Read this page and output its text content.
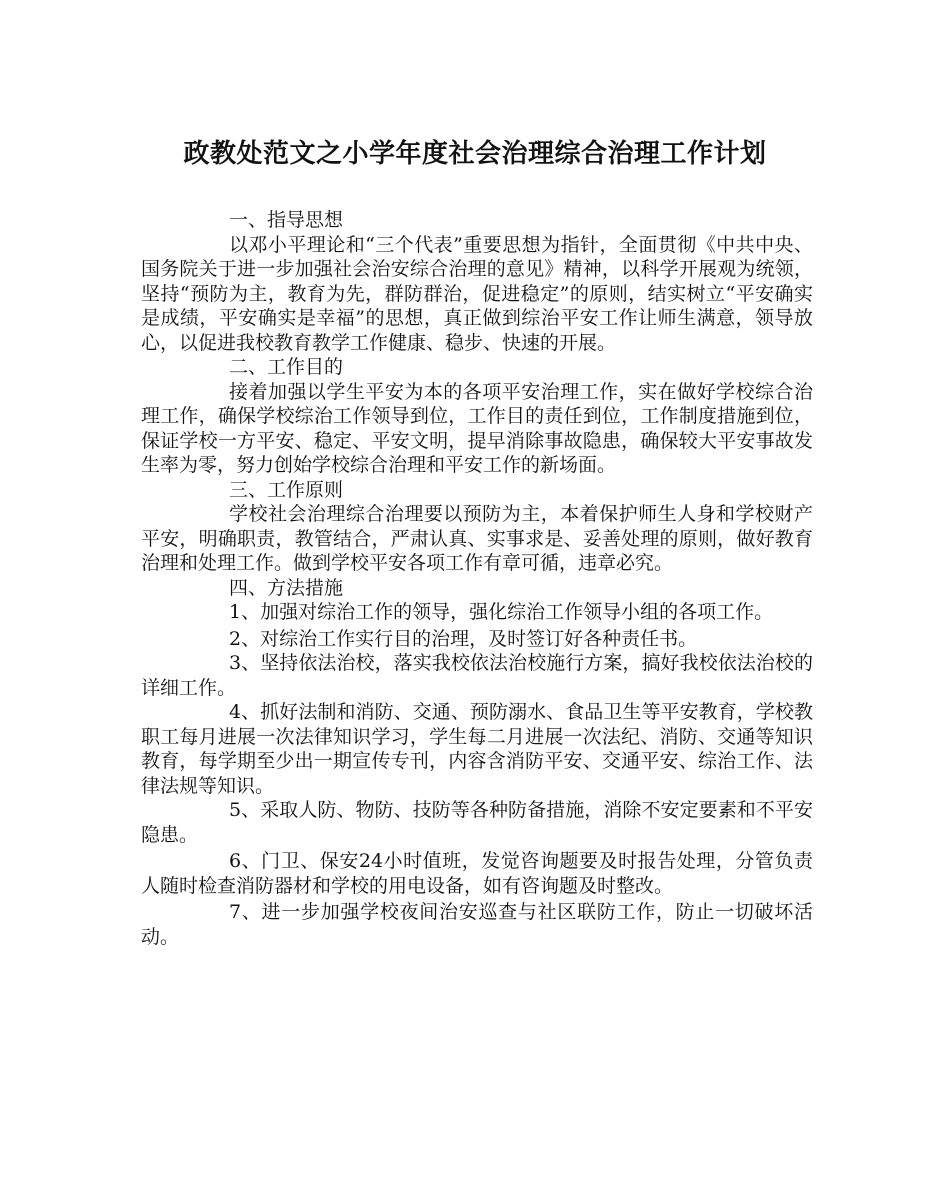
政教处范文之小学年度社会治理综合治理工作计划

一、指导思想

以邓小平理论和“三个代表”重要思想为指针，全面贯彻《中共中央、国务院关于进一步加强社会治安综合治理的意见》精神，以科学开展观为统领，坚持“预防为主，教育为先，群防群治，促进稳定”的原则，结实树立“平安确实是成绩，平安确实是幸福”的思想，真正做到综治平安工作让师生满意，领导放心，以促进我校教育教学工作健康、稳步、快速的开展。

二、工作目的

接着加强以学生平安为本的各项平安治理工作，实在做好学校综合治理工作，确保学校综治工作领导到位，工作目的责任到位，工作制度措施到位，保证学校一方平安、稳定、平安文明，提早消除事故隐患，确保较大平安事故发生率为零，努力创始学校综合治理和平安工作的新场面。

三、工作原则

学校社会治理综合治理要以预防为主，本着保护师生人身和学校财产平安，明确职责，教管结合，严肃认真、实事求是、妥善处理的原则，做好教育治理和处理工作。做到学校平安各项工作有章可循，违章必究。

四、方法措施

1、加强对综治工作的领导，强化综治工作领导小组的各项工作。

2、对综治工作实行目的治理，及时签订好各种责任书。

3、坚持依法治校，落实我校依法治校施行方案，搞好我校依法治校的详细工作。

4、抓好法制和消防、交通、预防溺水、食品卫生等平安教育，学校教职工每月进展一次法律知识学习，学生每二月进展一次法纪、消防、交通等知识教育，每学期至少出一期宣传专刊，内容含消防平安、交通平安、综治工作、法律法规等知识。

5、采取人防、物防、技防等各种防备措施，消除不安定要素和不平安隐患。

6、门卫、保安24小时值班，发觉咨询题要及时报告处理，分管负责人随时检查消防器材和学校的用电设备，如有咨询题及时整改。

7、进一步加强学校夜间治安巡查与社区联防工作，防止一切破坏活动。
